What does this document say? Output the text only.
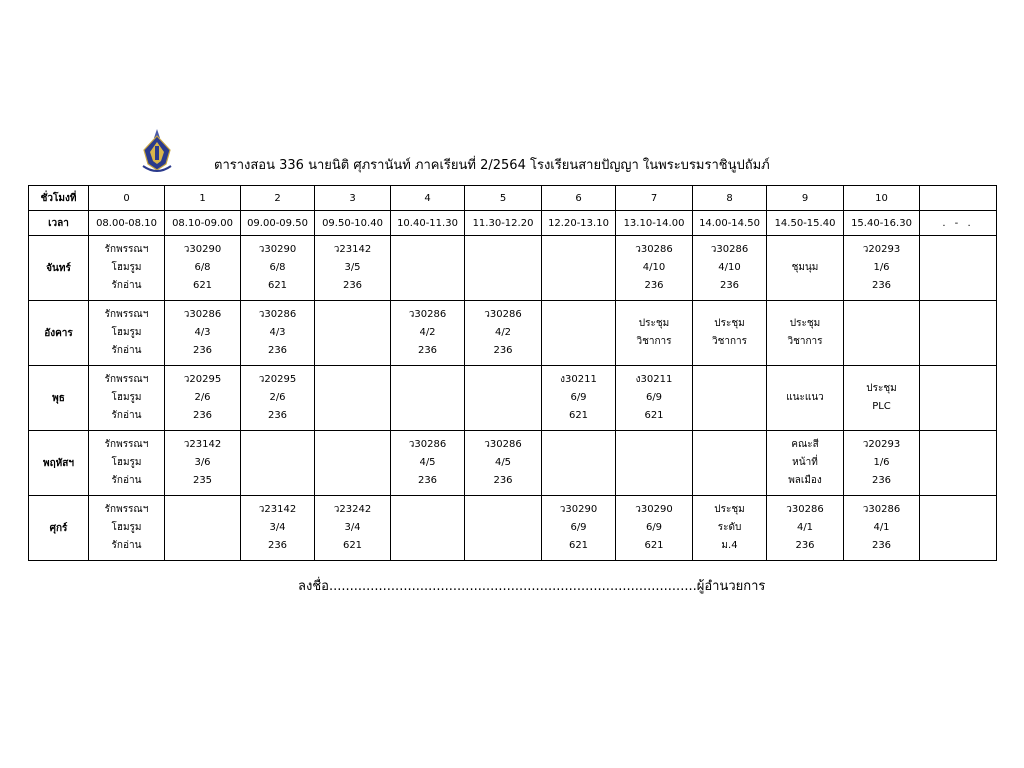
ตารางสอน 336 นายนิติ ศุภรานันท์ ภาคเรียนที่ 2/2564 โรงเรียนสายปัญญา ในพระบรมราชินูปถัมภ์
ชั่วโมงที่	0	1	2	3	4	5	6	7	8	9	10	
เวลา	08.00-08.10	08.10-09.00	09.00-09.50	09.50-10.40	10.40-11.30	11.30-12.20	12.20-13.10	13.10-14.00	14.00-14.50	14.50-15.40	15.40-16.30	. - .
จันทร์	รักพรรณฯ
โฮมรูม
รักอ่าน	ว30290
6/8
621	ว30290
6/8
621	ว23142
3/5
236				ว30286
4/10
236	ว30286
4/10
236	ชุมนุม	ว20293
1/6
236	

อังคาร	รักพรรณฯ
โฮมรูม
รักอ่าน	ว30286
4/3
236	ว30286
4/3
236		ว30286
4/2
236	ว30286
4/2
236		ประชุม
วิชาการ	ประชุม
วิชาการ	ประชุม
วิชาการ		

พุธ	รักพรรณฯ
โฮมรูม
รักอ่าน	ว20295
2/6
236	ว20295
2/6
236				ง30211
6/9
621	ง30211
6/9
621		แนะแนว	ประชุม
PLC	

พฤหัสฯ	รักพรรณฯ
โฮมรูม
รักอ่าน	ว23142
3/6
235			ว30286
4/5
236	ว30286
4/5
236				คณะสี
หน้าที่
พลเมือง	ว20293
1/6
236	

ศุกร์	รักพรรณฯ
โฮมรูม
รักอ่าน		ว23142
3/4
236	ว23242
3/4
621			ว30290
6/9
621	ว30290
6/9
621	ประชุม
ระดับ
ม.4	ว30286
4/1
236	ว30286
4/1
236	

ลงชื่อ.........................................................................................ผู้อำนวยการ
